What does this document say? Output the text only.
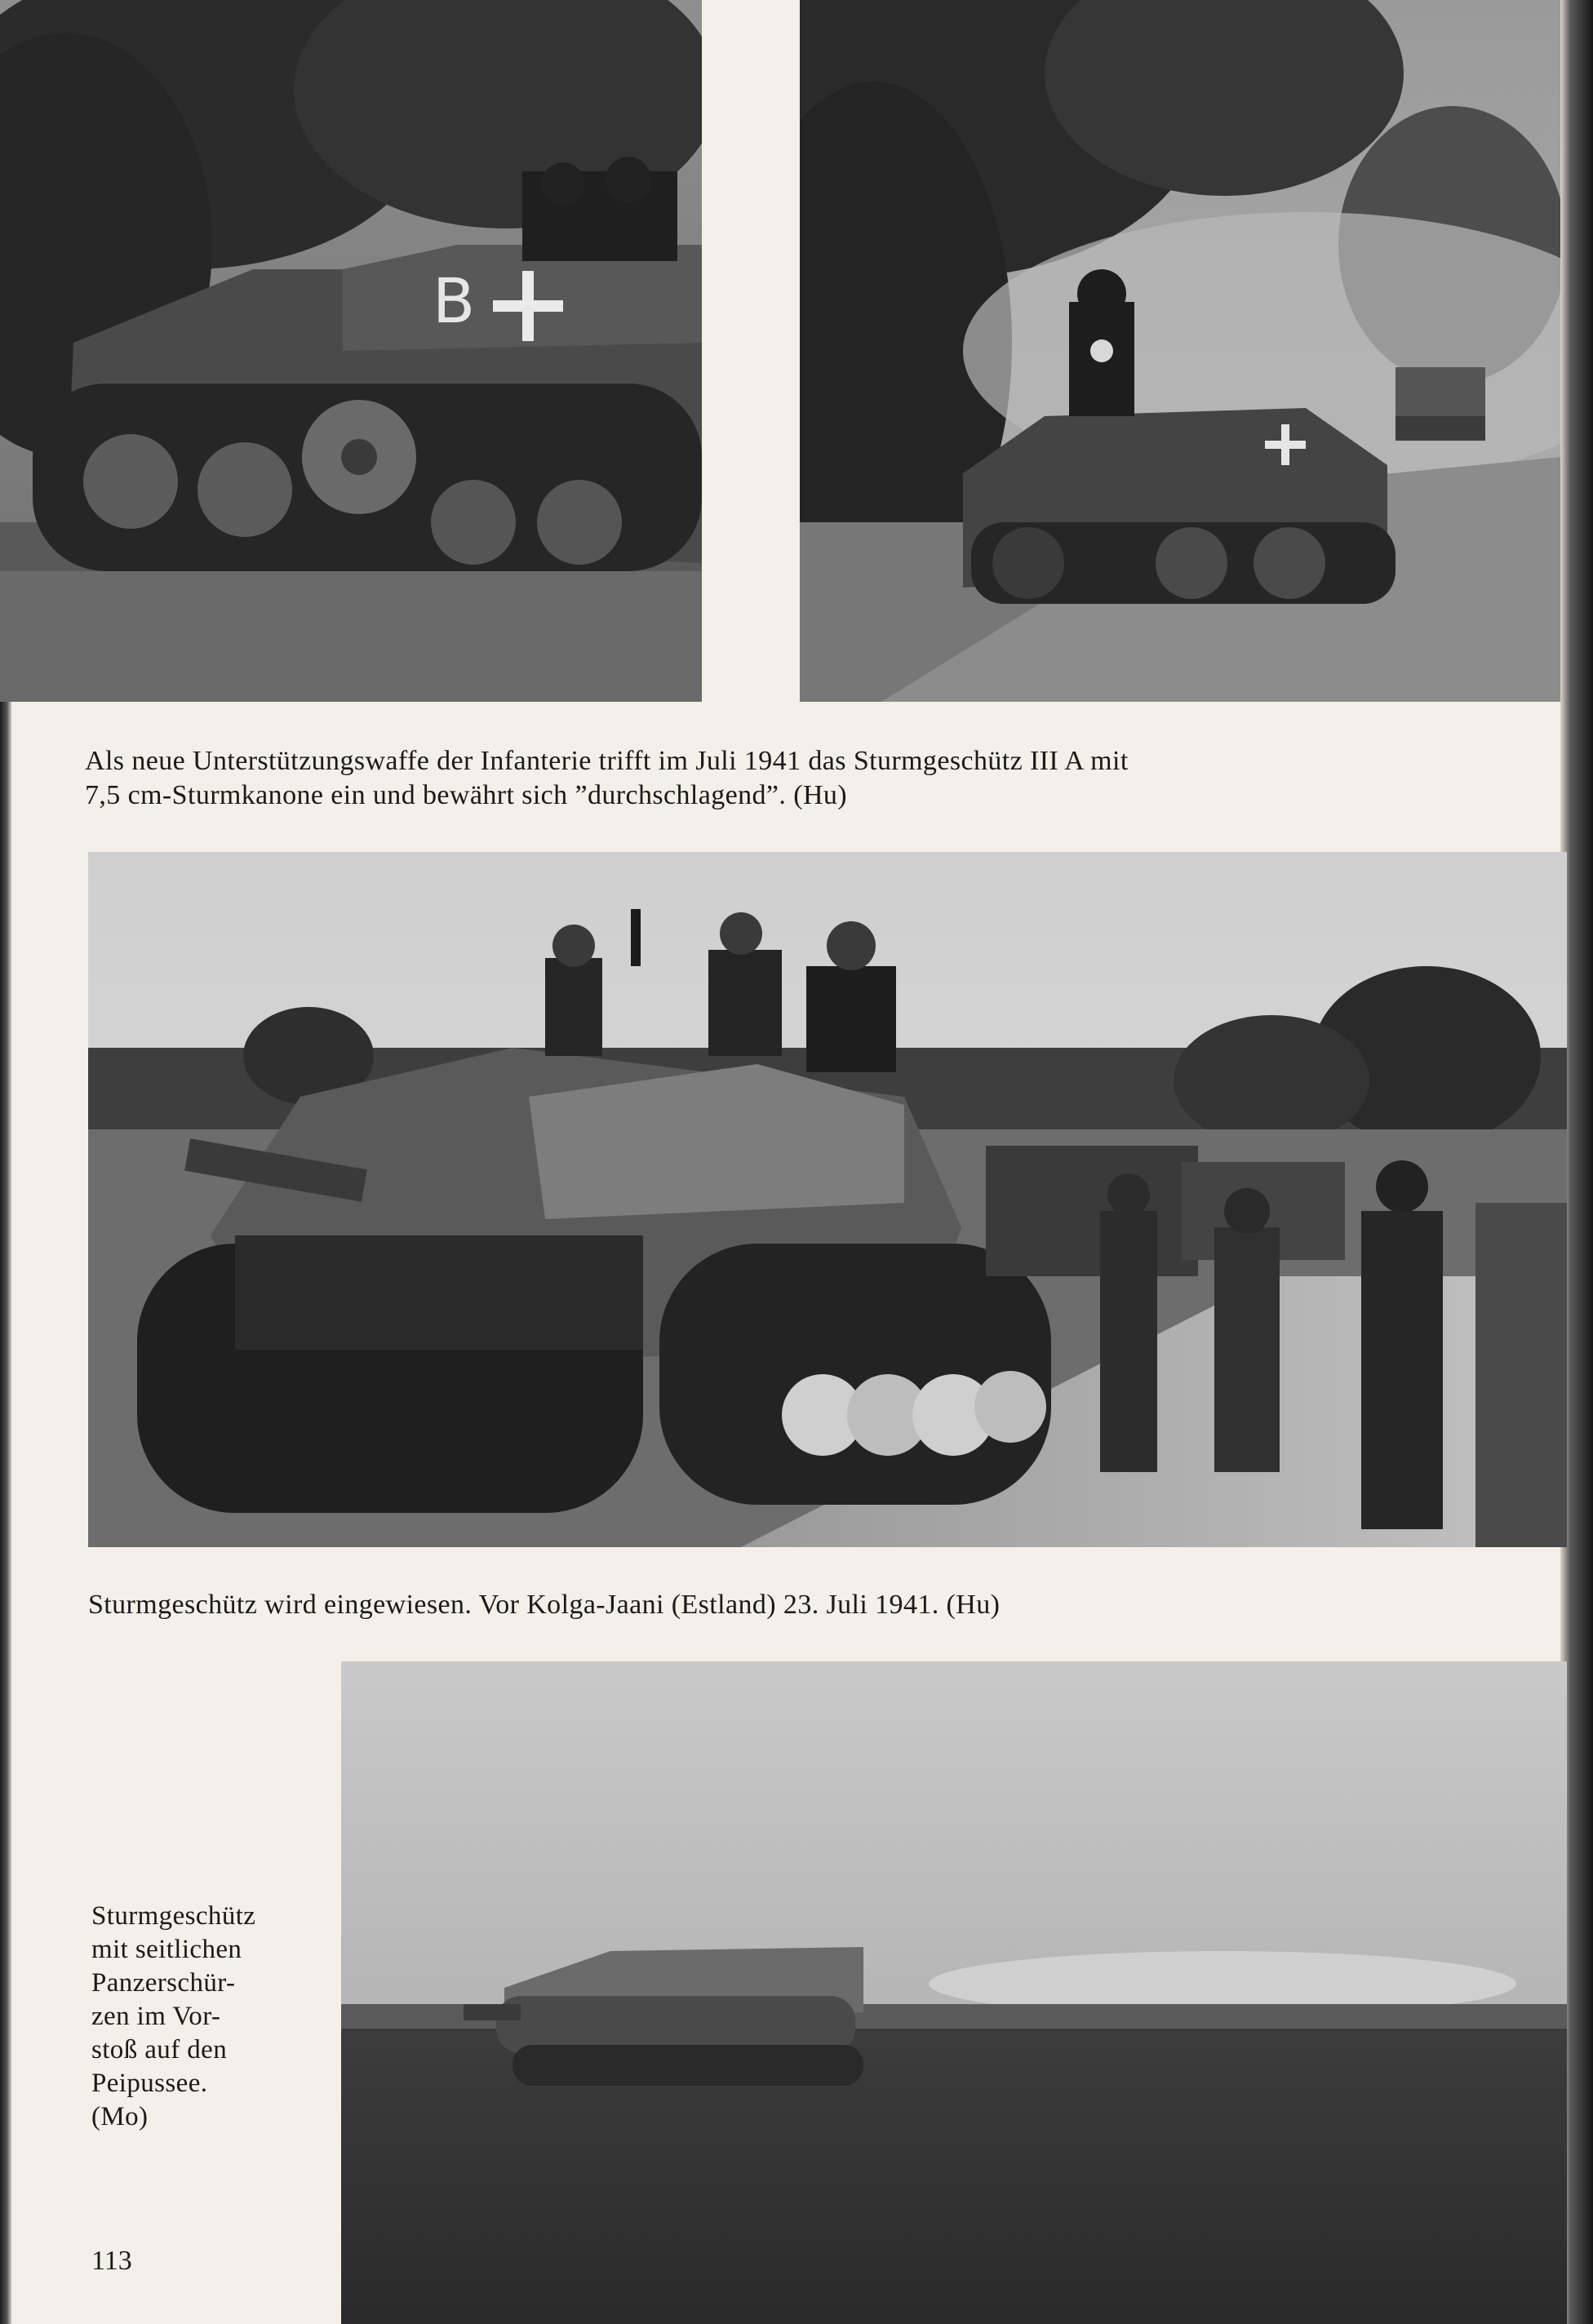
B

Als neue Unterstützungswaffe der Infanterie trifft im Juli 1941 das Sturmgeschütz III A mit
7,5 cm-Sturmkanone ein und bewährt sich ”durchschlagend”. (Hu)

Sturmgeschütz wird eingewiesen. Vor Kolga-Jaani (Estland) 23. Juli 1941. (Hu)

Sturmgeschütz
mit seitlichen
Panzerschür-
zen im Vor-
stoß auf den
Peipussee.
(Mo)

113
